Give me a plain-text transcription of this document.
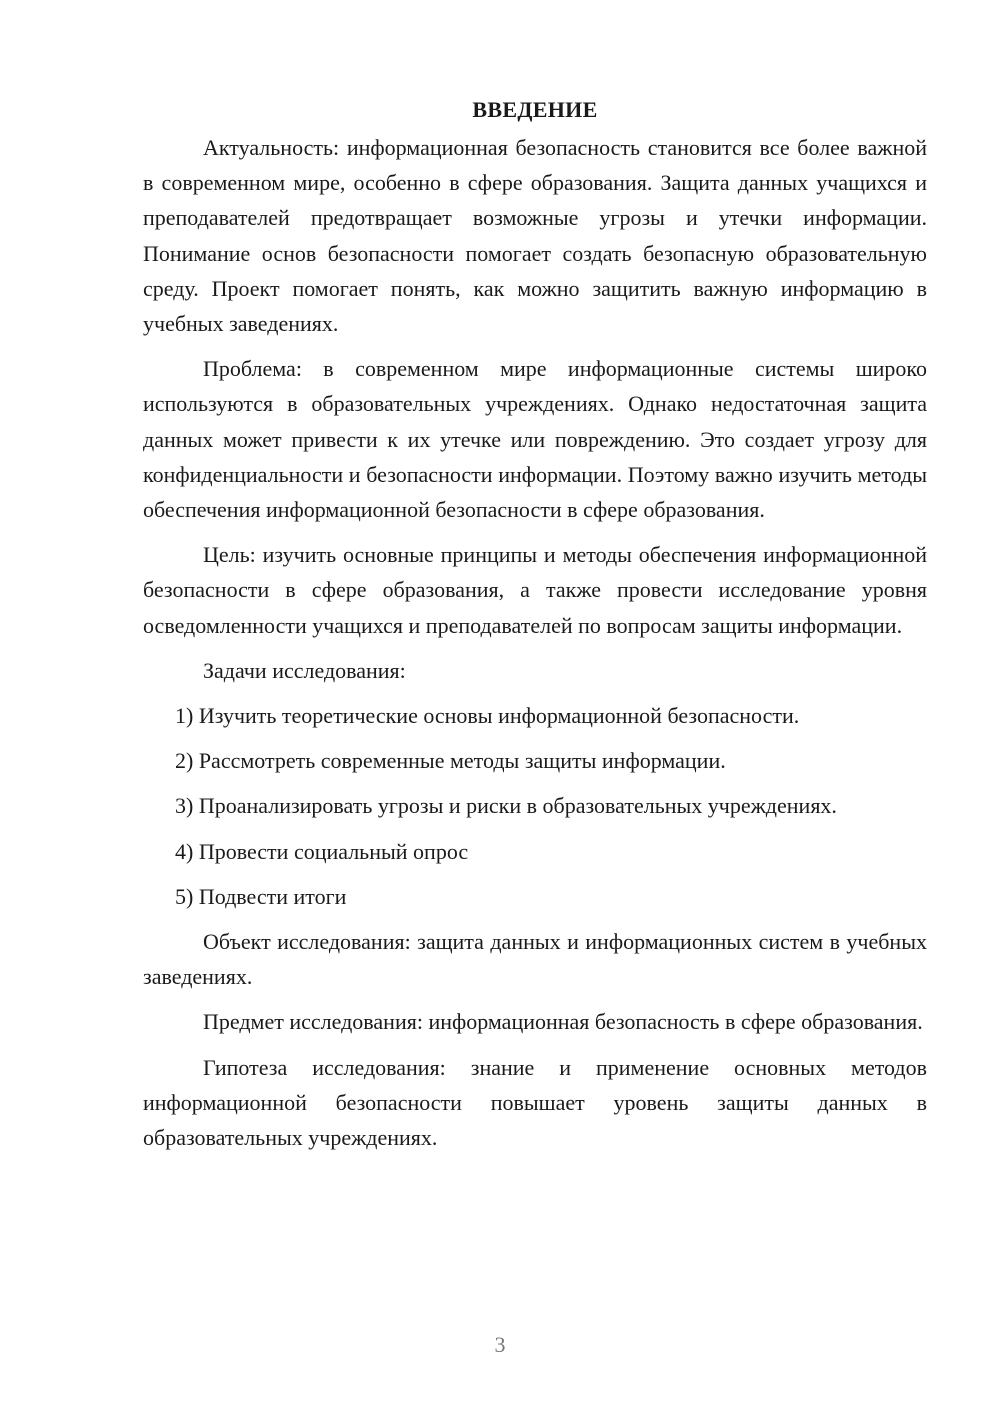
ВВЕДЕНИЕ

Актуальность: информационная безопасность становится все более важной в современном мире, особенно в сфере образования. Защита данных учащихся и преподавателей предотвращает возможные угрозы и утечки информации. Понимание основ безопасности помогает создать безопасную образовательную среду. Проект помогает понять, как можно защитить важную информацию в учебных заведениях.

Проблема: в современном мире информационные системы широко используются в образовательных учреждениях. Однако недостаточная защита данных может привести к их утечке или повреждению. Это создает угрозу для конфиденциальности и безопасности информации. Поэтому важно изучить методы обеспечения информационной безопасности в сфере образования.

Цель: изучить основные принципы и методы обеспечения информационной безопасности в сфере образования, а также провести исследование уровня осведомленности учащихся и преподавателей по вопросам защиты информации.

Задачи исследования:

1) Изучить теоретические основы информационной безопасности.
2) Рассмотреть современные методы защиты информации.
3) Проанализировать угрозы и риски в образовательных учреждениях.
4) Провести социальный опрос
5) Подвести итоги

Объект исследования: защита данных и информационных систем в учебных заведениях.

Предмет исследования: информационная безопасность в сфере образования.

Гипотеза исследования: знание и применение основных методов информационной безопасности повышает уровень защиты данных в образовательных учреждениях.

3
